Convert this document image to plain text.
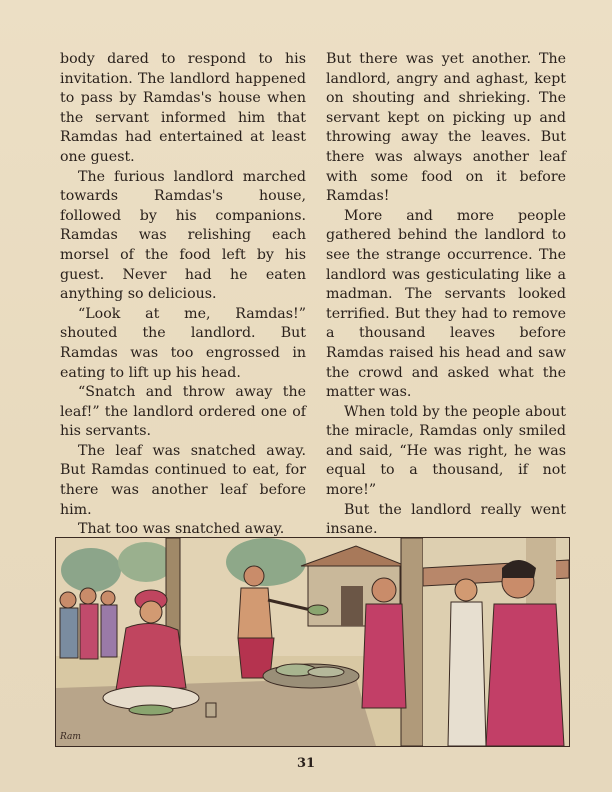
body dared to respond to his invitation. The landlord happened to pass by Ramdas's house when the servant informed him that Ramdas had entertained at least one guest.

The furious landlord marched towards Ramdas's house, followed by his companions. Ramdas was relishing each morsel of the food left by his guest. Never had he eaten anything so delicious.

“Look at me, Ramdas!” shouted the landlord. But Ramdas was too engrossed in eating to lift up his head.

“Snatch and throw away the leaf!” the landlord ordered one of his servants.

The leaf was snatched away. But Ramdas continued to eat, for there was another leaf before him.

That too was snatched away.

But there was yet another. The landlord, angry and aghast, kept on shouting and shrieking. The servant kept on picking up and throwing away the leaves. But there was always another leaf with some food on it before Ramdas!

More and more people gathered behind the landlord to see the strange occurrence. The landlord was gesticulating like a madman. The servants looked terrified. But they had to remove a thousand leaves before Ramdas raised his head and saw the crowd and asked what the matter was.

When told by the people about the miracle, Ramdas only smiled and said, “He was right, he was equal to a thousand, if not more!”

But the landlord really went insane.

Ram
31
